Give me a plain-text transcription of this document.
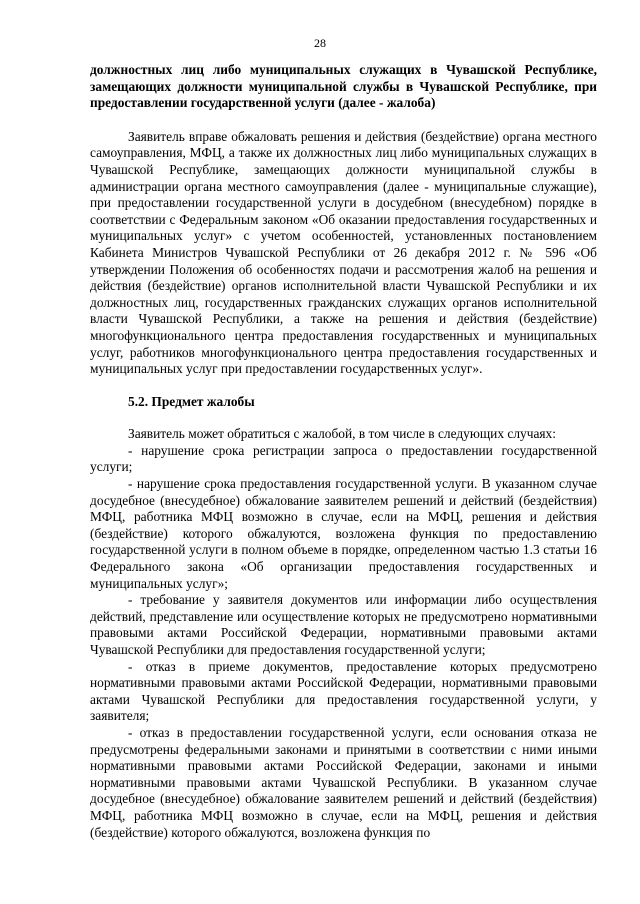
28

должностных лиц либо муниципальных служащих в Чувашской Республике, замещающих должности муниципальной службы в Чувашской Республике, при предоставлении государственной услуги (далее - жалоба)

Заявитель вправе обжаловать решения и действия (бездействие) органа местного самоуправления, МФЦ, а также их должностных лиц либо муниципальных служащих в Чувашской Республике, замещающих должности муниципальной службы в администрации органа местного самоуправления (далее - муниципальные служащие), при предоставлении государственной услуги в досудебном (внесудебном) порядке в соответствии с Федеральным законом «Об оказании предоставления государственных и муниципальных услуг» с учетом особенностей, установленных постановлением Кабинета Министров Чувашской Республики от 26 декабря 2012 г. № 596 «Об утверждении Положения об особенностях подачи и рассмотрения жалоб на решения и действия (бездействие) органов исполнительной власти Чувашской Республики и их должностных лиц, государственных гражданских служащих органов исполнительной власти Чувашской Республики, а также на решения и действия (бездействие) многофункционального центра предоставления государственных и муниципальных услуг, работников многофункционального центра предоставления государственных и муниципальных услуг при предоставлении государственных услуг».

5.2. Предмет жалобы

Заявитель может обратиться с жалобой, в том числе в следующих случаях:

- нарушение срока регистрации запроса о предоставлении государственной услуги;

- нарушение срока предоставления государственной услуги. В указанном случае досудебное (внесудебное) обжалование заявителем решений и действий (бездействия) МФЦ, работника МФЦ возможно в случае, если на МФЦ, решения и действия (бездействие) которого обжалуются, возложена функция по предоставлению государственной услуги в полном объеме в порядке, определенном частью 1.3 статьи 16 Федерального закона «Об организации предоставления государственных и муниципальных услуг»;

- требование у заявителя документов или информации либо осуществления действий, представление или осуществление которых не предусмотрено нормативными правовыми актами Российской Федерации, нормативными правовыми актами Чувашской Республики для предоставления государственной услуги;

- отказ в приеме документов, предоставление которых предусмотрено нормативными правовыми актами Российской Федерации, нормативными правовыми актами Чувашской Республики для предоставления государственной услуги, у заявителя;

- отказ в предоставлении государственной услуги, если основания отказа не предусмотрены федеральными законами и принятыми в соответствии с ними иными нормативными правовыми актами Российской Федерации, законами и иными нормативными правовыми актами Чувашской Республики. В указанном случае досудебное (внесудебное) обжалование заявителем решений и действий (бездействия) МФЦ, работника МФЦ возможно в случае, если на МФЦ, решения и действия (бездействие) которого обжалуются, возложена функция по
